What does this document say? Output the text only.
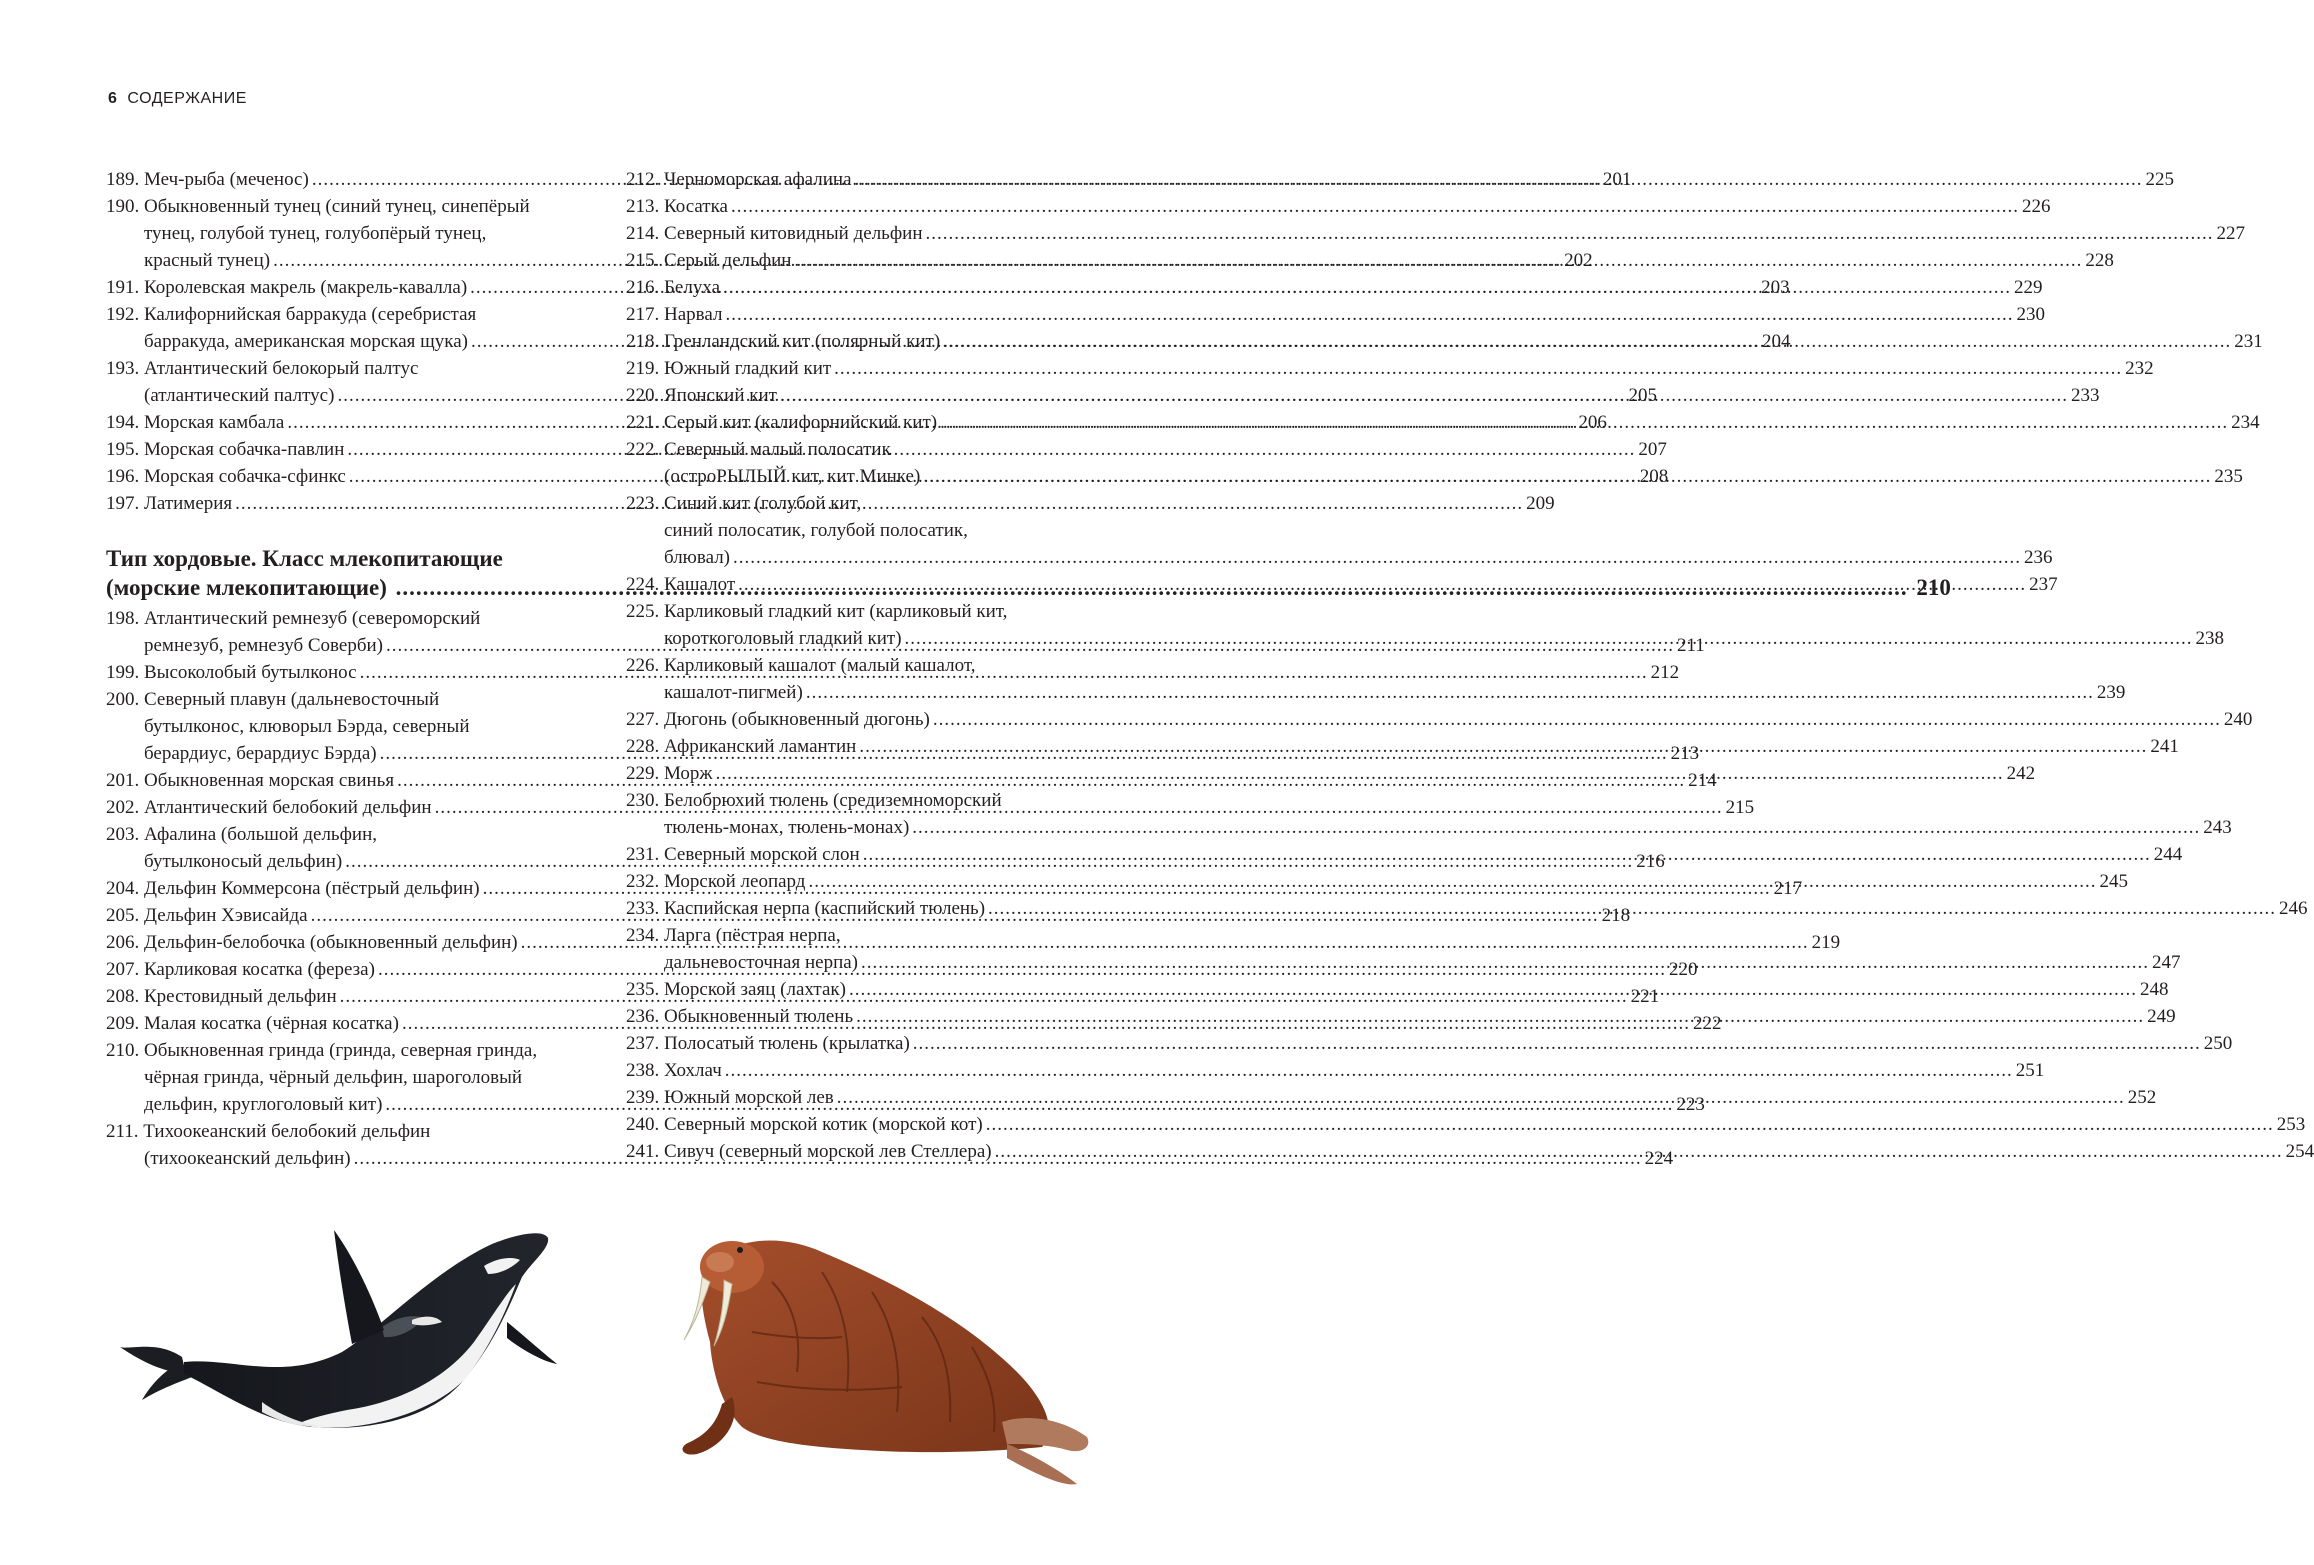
6 СОДЕРЖАНИЕ
189. Меч-рыба (меченос) .....	201
190. Обыкновенный тунец (синий тунец, синепёрый
тунец, голубой тунец, голубопёрый тунец,
красный тунец) .....	202
191. Королевская макрель (макрель-кавалла) .....	203
192. Калифорнийская барракуда (серебристая
барракуда, американская морская щука) .....	204
193. Атлантический белокорый палтус
(атлантический палтус) .....	205
194. Морская камбала .....	206
195. Морская собачка-павлин .....	207
196. Морская собачка-сфинкс .....	208
197. Латимерия .....	209
Тип хордовые. Класс млекопитающие
(морские млекопитающие) .....	210
198. Атлантический ремнезуб (североморский
ремнезуб, ремнезуб Соверби) .....	211
199. Высоколобый бутылконос .....	212
200. Северный плавун (дальневосточный
бутылконос, клюворыл Бэрда, северный
берардиус, берардиус Бэрда) .....	213
201. Обыкновенная морская свинья .....	214
202. Атлантический белобокий дельфин .....	215
203. Афалина (большой дельфин,
бутылконосый дельфин) .....	216
204. Дельфин Коммерсона (пёстрый дельфин) .....	217
205. Дельфин Хэвисайда .....	218
206. Дельфин-белобочка (обыкновенный дельфин) .....	219
207. Карликовая косатка (фереза) .....	220
208. Крестовидный дельфин .....	221
209. Малая косатка (чёрная косатка) .....	222
210. Обыкновенная гринда (гринда, северная гринда,
чёрная гринда, чёрный дельфин, шароголовый
дельфин, круглоголовый кит) .....	223
211. Тихоокеанский белобокий дельфин
(тихоокеанский дельфин) .....	224
212. Черноморская афалина .....	225
213. Косатка .....	226
214. Северный китовидный дельфин .....	227
215. Серый дельфин .....	228
216. Белуха .....	229
217. Нарвал .....	230
218. Гренландский кит (полярный кит) .....	231
219. Южный гладкий кит .....	232
220. Японский кит .....	233
221. Серый кит (калифорнийский кит) .....	234
222. Северный малый полосатик
(остроРЫЛЫЙ кит, кит Минке) .....	235
223. Синий кит (голубой кит,
синий полосатик, голубой полосатик,
блювал) .....	236
224. Кашалот .....	237
225. Карликовый гладкий кит (карликовый кит,
короткоголовый гладкий кит) .....	238
226. Карликовый кашалот (малый кашалот,
кашалот-пигмей) .....	239
227. Дюгонь (обыкновенный дюгонь) .....	240
228. Африканский ламантин .....	241
229. Морж .....	242
230. Белобрюхий тюлень (средиземноморский
тюлень-монах, тюлень-монах) .....	243
231. Северный морской слон .....	244
232. Морской леопард .....	245
233. Каспийская нерпа (каспийский тюлень) .....	246
234. Ларга (пёстрая нерпа,
дальневосточная нерпа) .....	247
235. Морской заяц (лахтак) .....	248
236. Обыкновенный тюлень .....	249
237. Полосатый тюлень (крылатка) .....	250
238. Хохлач .....	251
239. Южный морской лев .....	252
240. Северный морской котик (морской кот) .....	253
241. Сивуч (северный морской лев Стеллера) .....	254
